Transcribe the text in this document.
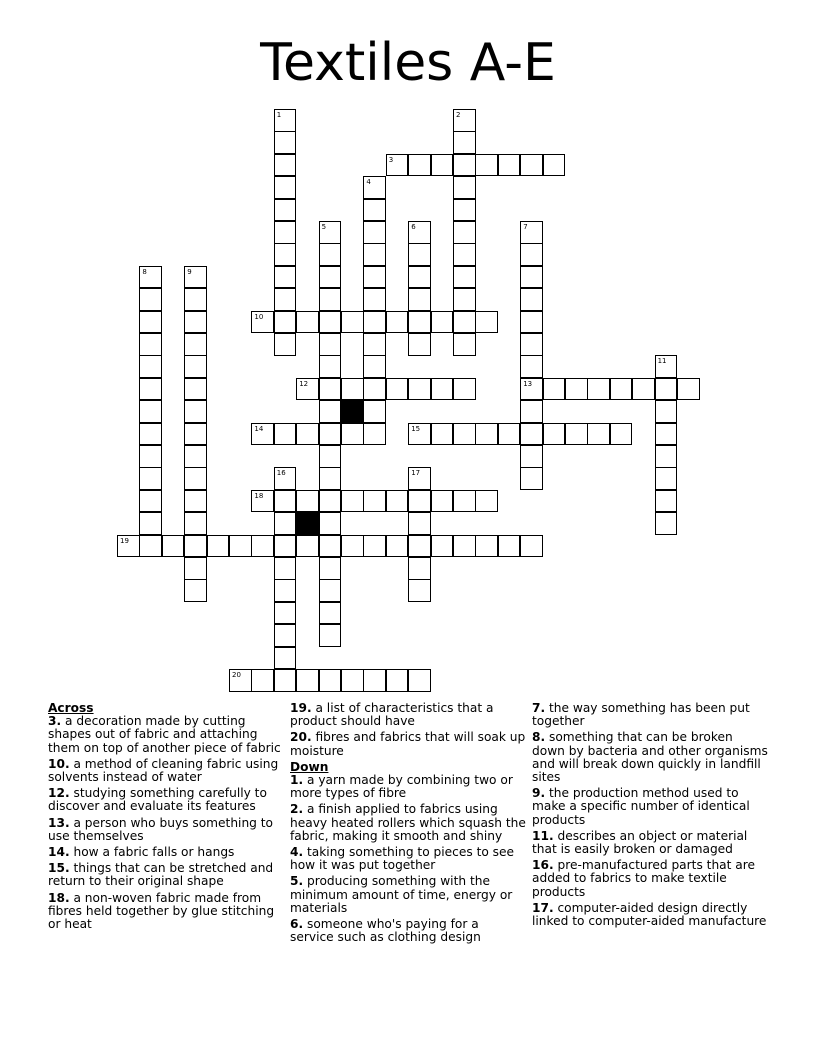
Textiles A-E
1	2
3
4
5	6	7
13
8	9
10
11
12
14	15
16	17
18
19
20
Across
3. a decoration made by cutting shapes out of fabric and attaching them on top of another piece of fabric
10. a method of cleaning fabric using solvents instead of water
12. studying something carefully to discover and evaluate its features
13. a person who buys something to use themselves
14. how a fabric falls or hangs
15. things that can be stretched and return to their original shape
18. a non-woven fabric made from fibres held together by glue stitching or heat
19. a list of characteristics that a product should have
20. fibres and fabrics that will soak up moisture
Down
1. a yarn made by combining two or more types of fibre
2. a finish applied to fabrics using heavy heated rollers which squash the fabric, making it smooth and shiny
4. taking something to pieces to see how it was put together
5. producing something with the minimum amount of time, energy or materials
6. someone who's paying for a service such as clothing design
7. the way something has been put together
8. something that can be broken down by bacteria and other organisms and will break down quickly in landfill sites
9. the production method used to make a specific number of identical products
11. describes an object or material that is easily broken or damaged
16. pre-manufactured parts that are added to fabrics to make textile products
17. computer-aided design directly linked to computer-aided manufacture
